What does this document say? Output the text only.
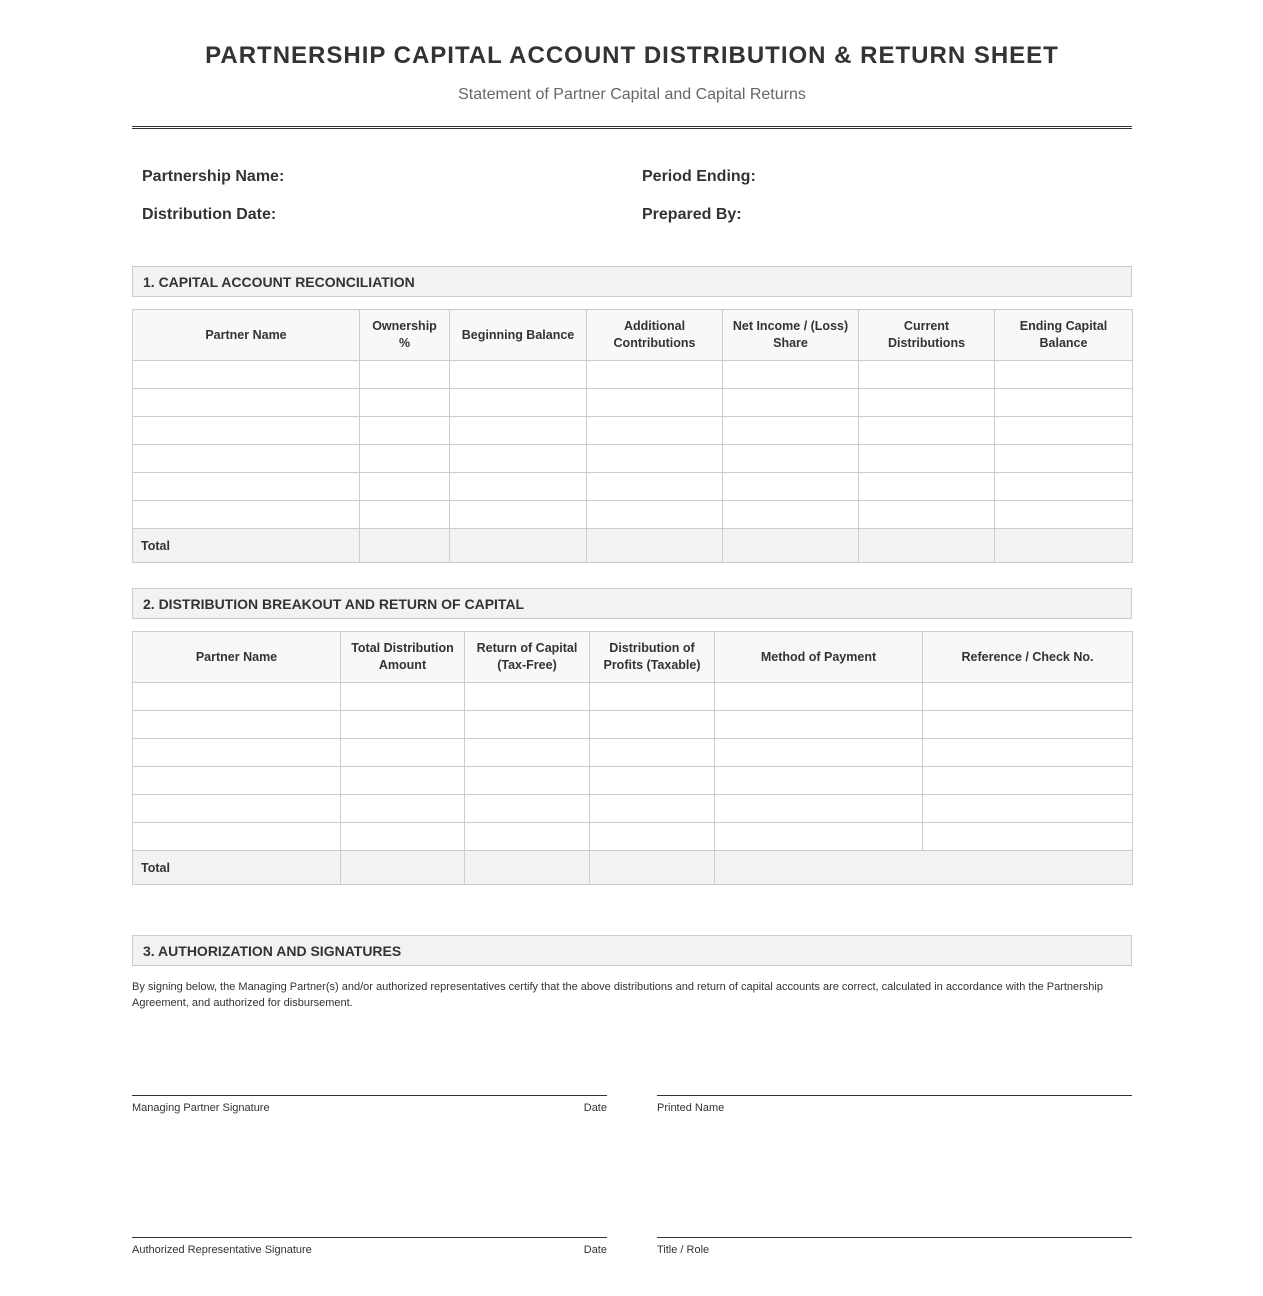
PARTNERSHIP CAPITAL ACCOUNT DISTRIBUTION & RETURN SHEET
Statement of Partner Capital and Capital Returns
Partnership Name:	Period Ending:
Distribution Date:	Prepared By:
1. CAPITAL ACCOUNT RECONCILIATION
Partner Name	Ownership %	Beginning Balance	Additional Contributions	Net Income / (Loss) Share	Current Distributions	Ending Capital Balance

Total						
2. DISTRIBUTION BREAKOUT AND RETURN OF CAPITAL
Partner Name	Total Distribution Amount	Return of Capital (Tax-Free)	Distribution of Profits (Taxable)	Method of Payment	Reference / Check No.

Total					
3. AUTHORIZATION AND SIGNATURES
By signing below, the Managing Partner(s) and/or authorized representatives certify that the above distributions and return of capital accounts are correct, calculated in accordance with the Partnership Agreement, and authorized for disbursement.
Managing Partner Signature	Date	Printed Name
Authorized Representative Signature	Date	Title / Role
